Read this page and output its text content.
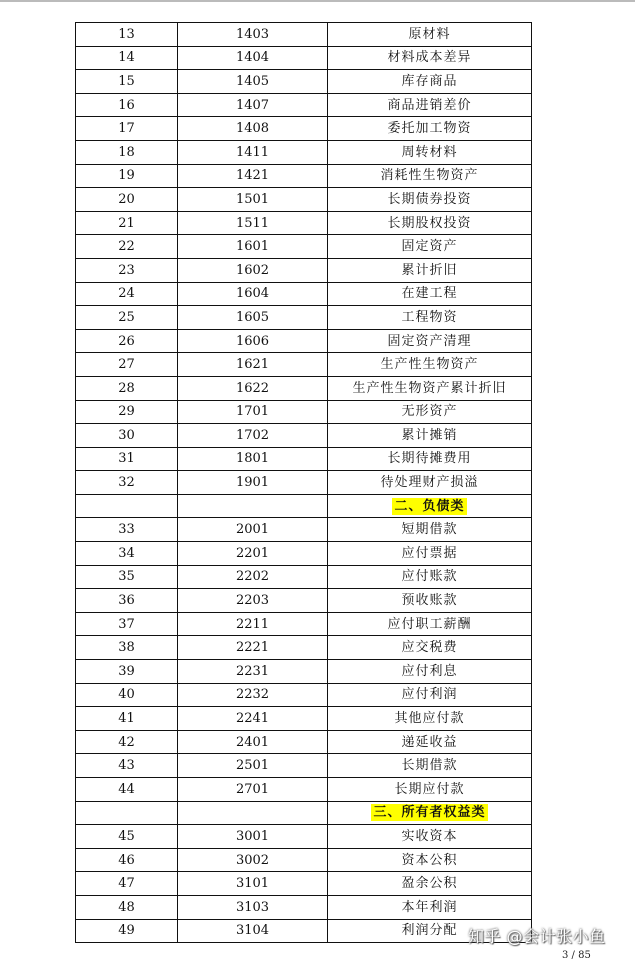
13	1403	原材料
14	1404	材料成本差异
15	1405	库存商品
16	1407	商品进销差价
17	1408	委托加工物资
18	1411	周转材料
19	1421	消耗性生物资产
20	1501	长期债券投资
21	1511	长期股权投资
22	1601	固定资产
23	1602	累计折旧
24	1604	在建工程
25	1605	工程物资
26	1606	固定资产清理
27	1621	生产性生物资产
28	1622	生产性生物资产累计折旧
29	1701	无形资产
30	1702	累计摊销
31	1801	长期待摊费用
32	1901	待处理财产损溢
		二、负债类
33	2001	短期借款
34	2201	应付票据
35	2202	应付账款
36	2203	预收账款
37	2211	应付职工薪酬
38	2221	应交税费
39	2231	应付利息
40	2232	应付利润
41	2241	其他应付款
42	2401	递延收益
43	2501	长期借款
44	2701	长期应付款
		三、所有者权益类
45	3001	实收资本
46	3002	资本公积
47	3101	盈余公积
48	3103	本年利润
49	3104	利润分配 知乎 @会计张小鱼
3 / 85
